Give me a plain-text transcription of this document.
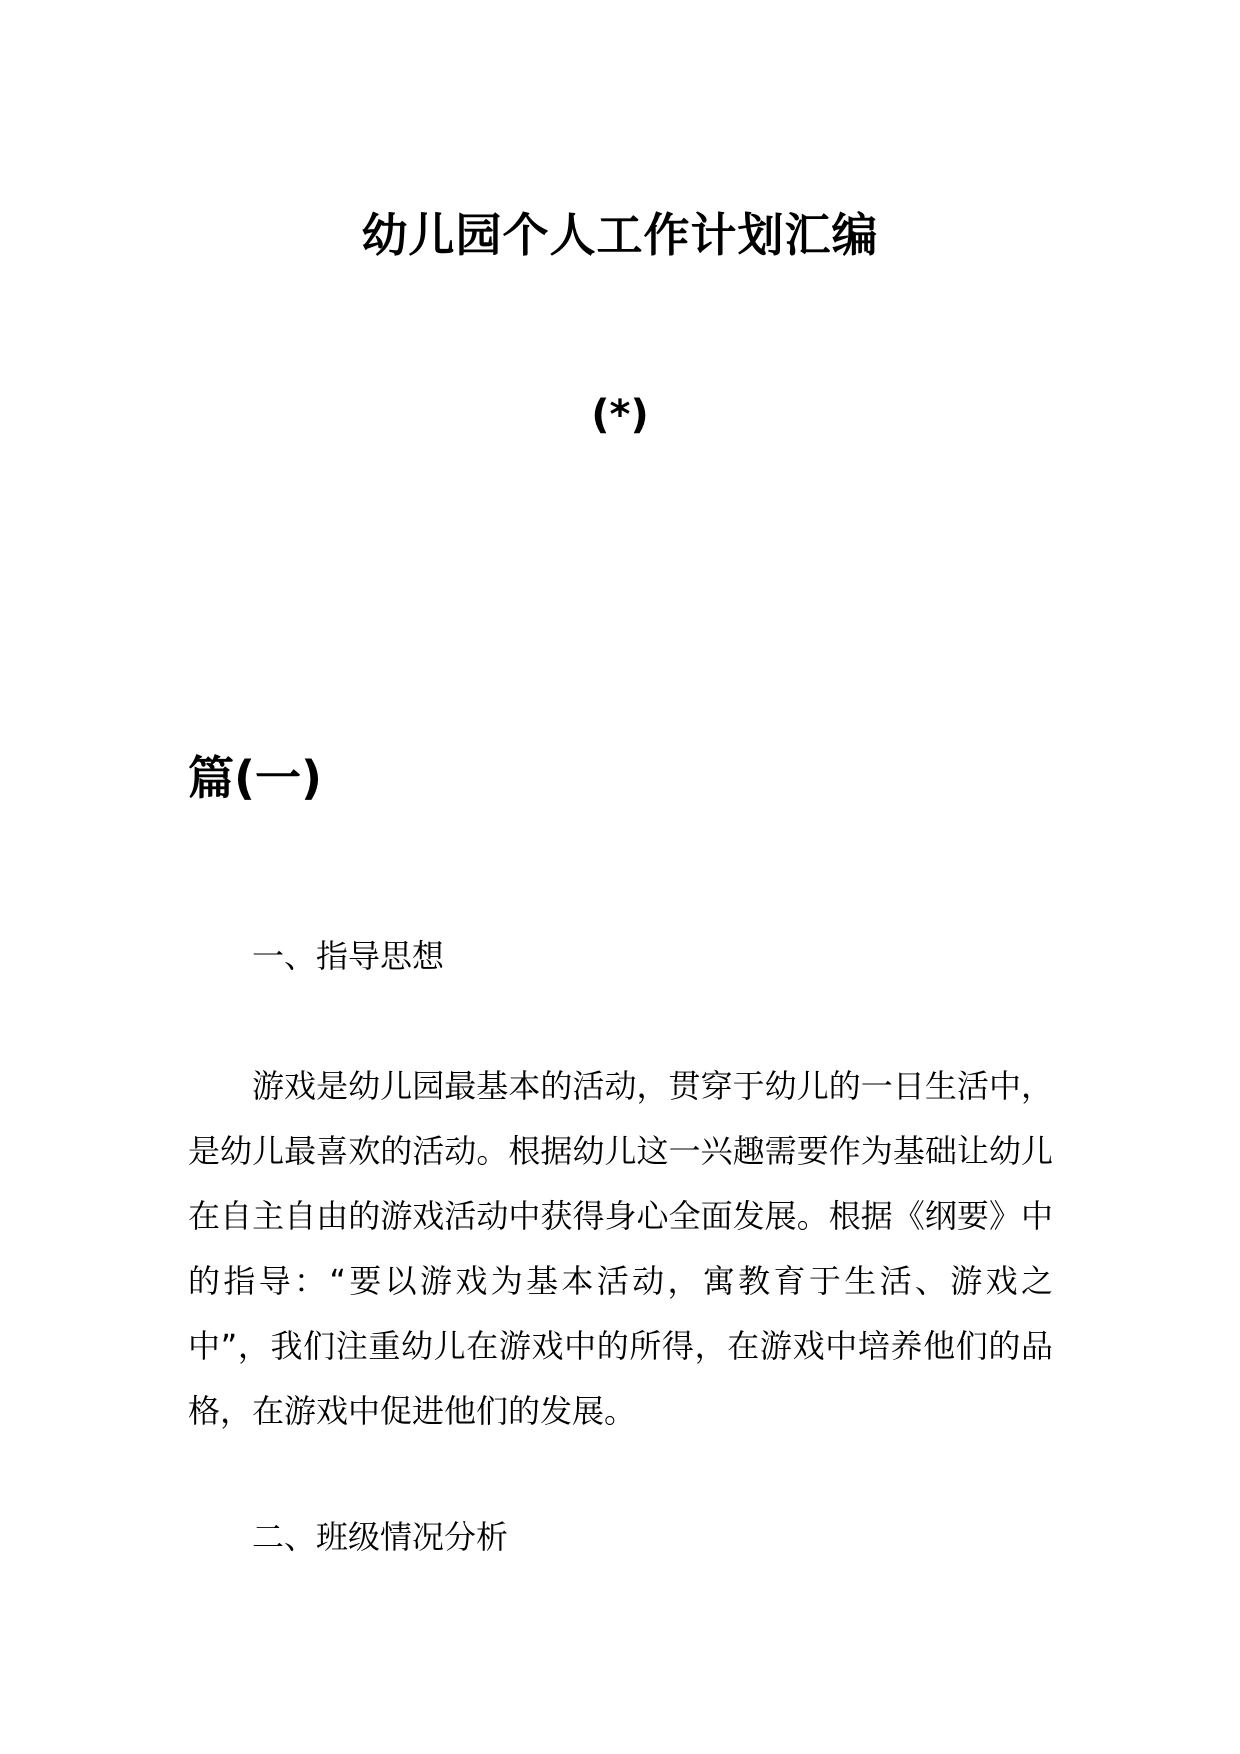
幼儿园个人工作计划汇编
(*)
篇(一)
一、指导思想
游戏是幼儿园最基本的活动，贯穿于幼儿的一日生活中，是幼儿最喜欢的活动。根据幼儿这一兴趣需要作为基础让幼儿在自主自由的游戏活动中获得身心全面发展。根据《纲要》中的指导：“要以游戏为基本活动，寓教育于生活、游戏之中”，我们注重幼儿在游戏中的所得，在游戏中培养他们的品格，在游戏中促进他们的发展。
二、班级情况分析
